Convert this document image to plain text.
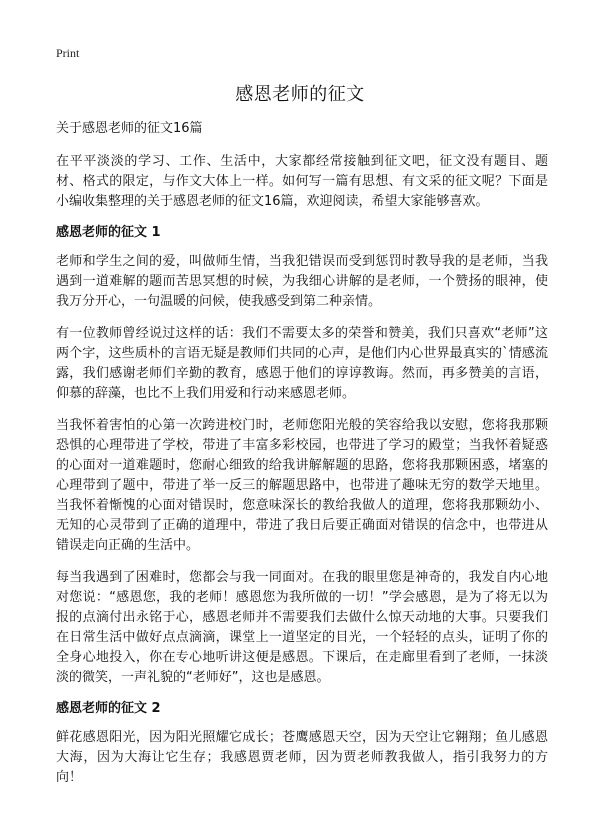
Print
感恩老师的征文
关于感恩老师的征文16篇

在平平淡淡的学习、工作、生活中，大家都经常接触到征文吧，征文没有题目、题材、格式的限定，与作文大体上一样。如何写一篇有思想、有文采的征文呢？下面是小编收集整理的关于感恩老师的征文16篇，欢迎阅读，希望大家能够喜欢。

感恩老师的征文 1

老师和学生之间的爱，叫做师生情，当我犯错误而受到惩罚时教导我的是老师，当我遇到一道难解的题而苦思冥想的时候，为我细心讲解的是老师，一个赞扬的眼神，使我万分开心，一句温暖的问候，使我感受到第二种亲情。

有一位教师曾经说过这样的话：我们不需要太多的荣誉和赞美，我们只喜欢“老师”这两个字，这些质朴的言语无疑是教师们共同的心声，是他们内心世界最真实的`情感流露，我们感谢老师们辛勤的教育，感恩于他们的谆谆教诲。然而，再多赞美的言语，仰慕的辞藻，也比不上我们用爱和行动来感恩老师。

当我怀着害怕的心第一次跨进校门时，老师您阳光般的笑容给我以安慰，您将我那颗恐惧的心理带进了学校，带进了丰富多彩校园，也带进了学习的殿堂；当我怀着疑惑的心面对一道难题时，您耐心细致的给我讲解解题的思路，您将我那颗困惑，堵塞的心理带到了题中，带进了举一反三的解题思路中，也带进了趣味无穷的数学天地里。当我怀着惭愧的心面对错误时，您意味深长的教给我做人的道理，您将我那颗幼小、无知的心灵带到了正确的道理中，带进了我日后要正确面对错误的信念中，也带进从错误走向正确的生活中。

每当我遇到了困难时，您都会与我一同面对。在我的眼里您是神奇的，我发自内心地对您说：“感恩您，我的老师！感恩您为我所做的一切！”学会感恩，是为了将无以为报的点滴付出永铭于心，感恩老师并不需要我们去做什么惊天动地的大事。只要我们在日常生活中做好点点滴滴，课堂上一道坚定的目光，一个轻轻的点头，证明了你的全身心地投入，你在专心地听讲这便是感恩。下课后，在走廊里看到了老师，一抹淡淡的微笑，一声礼貌的“老师好”，这也是感恩。

感恩老师的征文 2

鲜花感恩阳光，因为阳光照耀它成长；苍鹰感恩天空，因为天空让它翱翔；鱼儿感恩大海，因为大海让它生存；我感恩贾老师，因为贾老师教我做人，指引我努力的方向！
